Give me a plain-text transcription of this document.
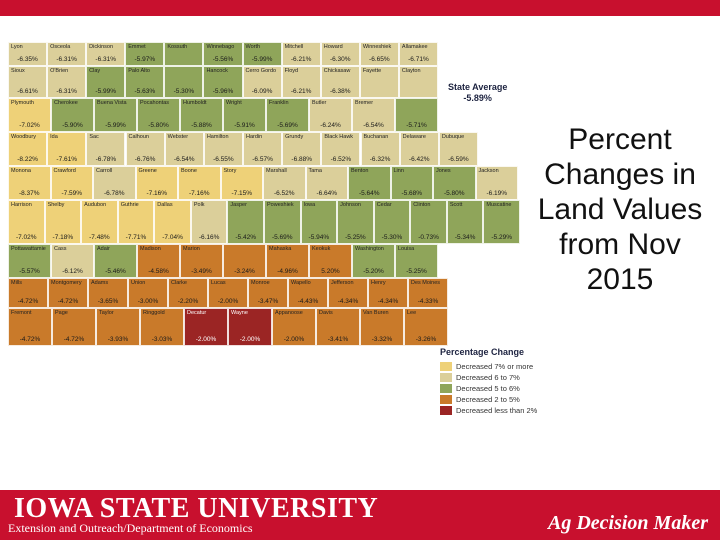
Lyon
-6.35%
Osceola
-6.31%
Dickinson
-6.31%
Emmet
-5.97%
Kossuth	Winnebago
-5.56%
Worth
-5.99%
Mitchell
-6.21%
Howard
-6.30%
Winneshiek
-6.65%
Allamakee
-6.71%
Sioux
-6.61%
O'Brien
-6.31%
Clay
-5.99%
Palo Alto
-5.63%	-5.30%
Hancock
-5.96%
Cerro Gordo
-6.09%
Floyd
-6.21%
Chickasaw
-6.38%
Fayette	Clayton
Plymouth
-7.02%
Cherokee
-5.90%
Buena Vista
-5.99%
Pocahontas
-5.80%
Humboldt
-5.88%
Wright
-5.91%
Franklin
-5.69%
Butler
-6.24%
Bremer
-6.54%	-5.71%
Woodbury
-8.22%
Ida
-7.61%
Sac
-6.78%
Calhoun
-6.76%
Webster
-6.54%
Hamilton
-6.55%
Hardin
-6.57%
Grundy
-6.88%
Black Hawk
-6.52%
Buchanan
-6.32%
Delaware
-6.42%
Dubuque
-6.59%
Monona
-8.37%
Crawford
-7.59%
Carroll
-6.78%
Greene
-7.16%
Boone
-7.16%
Story
-7.15%
Marshall
-6.52%
Tama
-6.64%
Benton
-5.64%
Linn
-5.68%
Jones
-5.80%
Jackson
-6.19%
Harrison
-7.02%
Shelby
-7.18%
Audubon
-7.48%
Guthrie
-7.71%
Dallas
-7.04%
Polk
-6.16%
Jasper
-5.42%
Poweshiek
-5.69%
Iowa
-5.94%
Johnson
-5.25%
Cedar
-5.30%
Clinton
-0.73%
Scott
-5.34%
Muscatine
-5.29%
Pottawattamie
-5.57%
Cass
-6.12%
Adair
-5.46%
Madison
-4.58%
Marion
-3.49%	-3.24%
Mahaska
-4.96%
Keokuk
5.20%
Washington
-5.20%
Louisa
-5.25%
Mills
-4.72%
Montgomery
-4.72%
Adams
-3.65%
Union
-3.00%
Clarke
-2.20%
Lucas
-2.00%
Monroe
-3.47%
Wapello
-4.43%
Jefferson
-4.34%
Henry
-4.34%
Des Moines
-4.33%
Fremont
-4.72%
Page
-4.72%
Taylor
-3.93%
Ringgold
-3.03%
Decatur
-2.00%
Wayne
-2.00%
Appanoose
-2.00%
Davis
-3.41%
Van Buren
-3.32%
Lee
-3.26%
State Average
-5.89%
Percentage Change
Decreased 7% or more
Decreased 6 to 7%
Decreased 5 to 6%
Decreased 2 to 5%
Decreased less than 2%
Percent Changes in Land Values from Nov 2015
IOWA STATE UNIVERSITY
Extension and Outreach/Department of Economics	Ag Decision Maker
